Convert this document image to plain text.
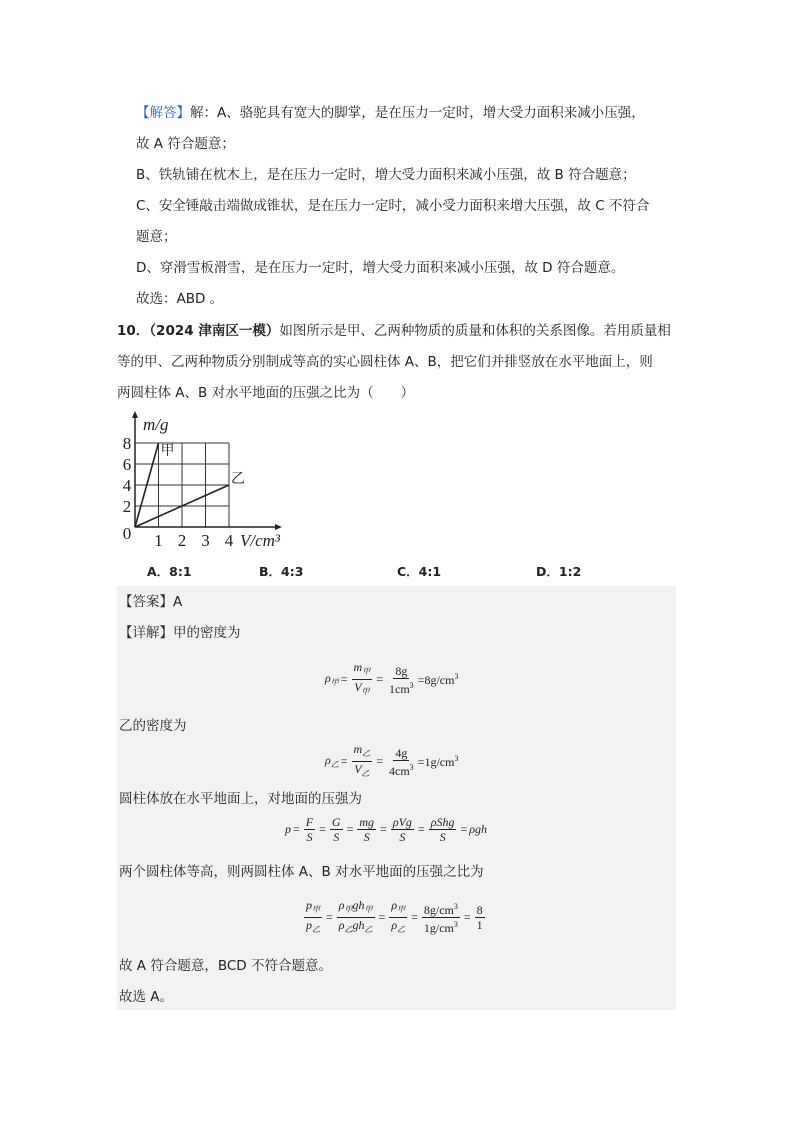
【解答】解：A、骆驼具有宽大的脚掌，是在压力一定时，增大受力面积来减小压强，
故 A 符合题意；
B、铁轨铺在枕木上，是在压力一定时，增大受力面积来减小压强，故 B 符合题意；
C、安全锤敲击端做成锥状，是在压力一定时，减小受力面积来增大压强，故 C 不符合
题意；
D、穿滑雪板滑雪，是在压力一定时，增大受力面积来减小压强，故 D 符合题意。
故选：ABD 。
10．（2024 津南区一模）如图所示是甲、乙两种物质的质量和体积的关系图像。若用质量相
等的甲、乙两种物质分别制成等高的实心圆柱体 A、B，把它们并排竖放在水平地面上，则
两圆柱体 A、B 对水平地面的压强之比为（　　）
1 2 3 4
2
4
6
8
0
m/g
V/cm³
甲
乙
A．8:1	B．4:3	C．4:1	D．1:2
【答案】A
【详解】甲的密度为
$\rho_甲 = \frac{m_甲}{V_甲} = \frac{8g}{1cm^3} =8g/cm^3$
乙的密度为
$\rho_乙 = \frac{m_乙}{V_乙} = \frac{4g}{4cm^3} =1g/cm^3$
圆柱体放在水平地面上，对地面的压强为
$p = \frac{F}{S} = \frac{G}{S} = \frac{mg}{S} = \frac{\text{ρVg}}{S} = \frac{\text{ρShg}}{S} = \rho gh$
两个圆柱体等高，则两圆柱体 A、B 对水平地面的压强之比为
$\frac{p_甲}{p_乙} = \frac{\rho_甲gh_甲}{\rho_乙gh_乙} = \frac{\rho_甲}{\rho_乙} = \frac{8g/cm^3}{1g/cm^3} = \frac{8}{1}$
故 A 符合题意，BCD 不符合题意。
故选 A。
